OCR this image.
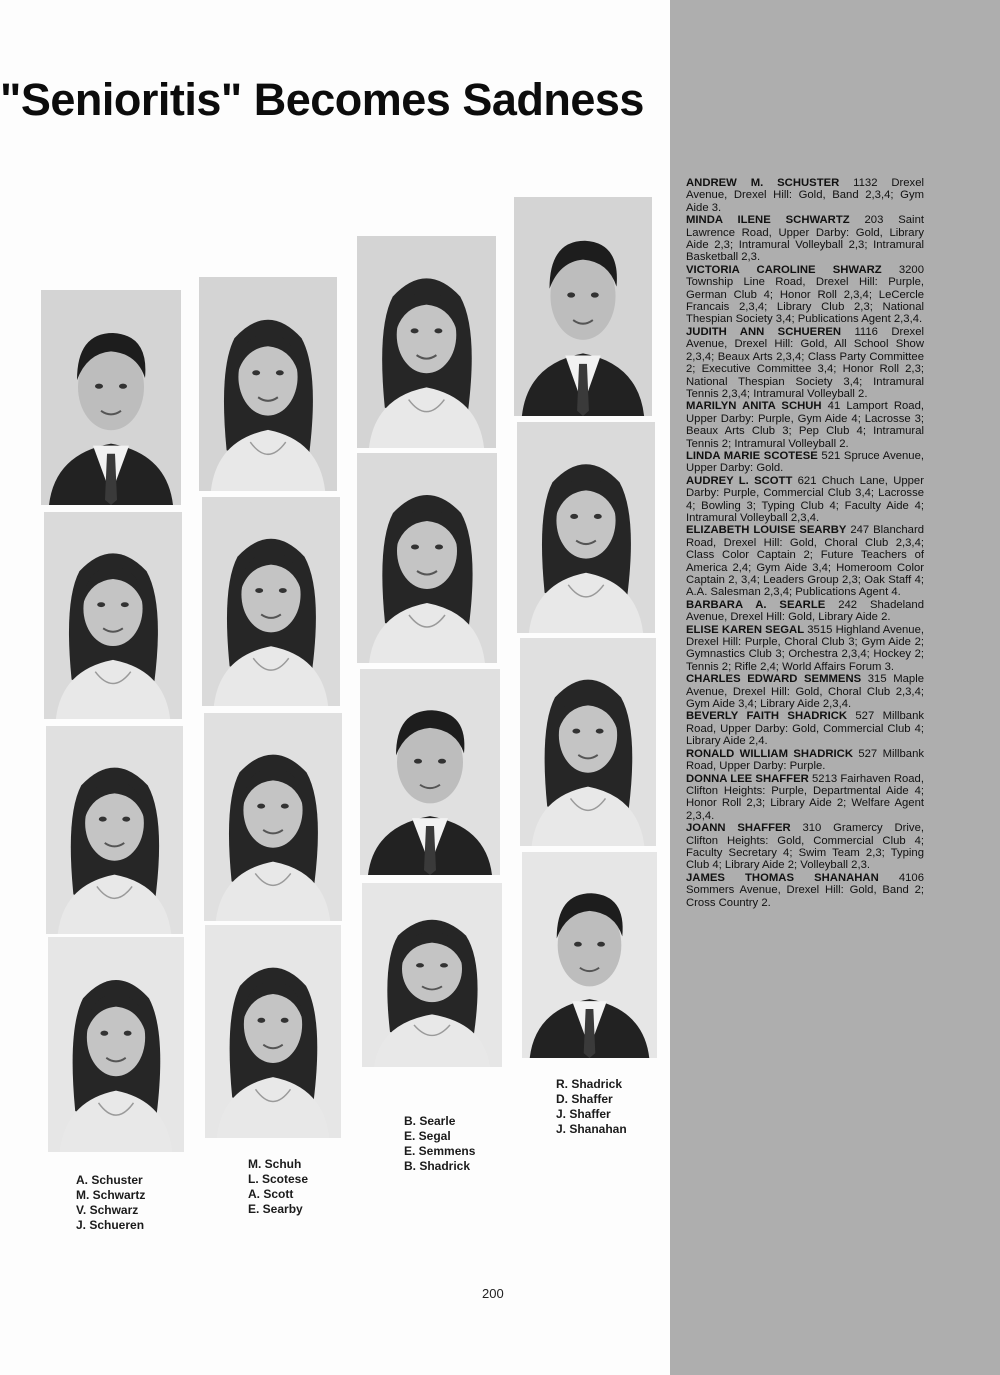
"Senioritis" Becomes Sadness
A. Schuster
M. Schwartz
V. Schwarz
J. Schueren
M. Schuh
L. Scotese
A. Scott
E. Searby
B. Searle
E. Segal
E. Semmens
B. Shadrick
R. Shadrick
D. Shaffer
J. Shaffer
J. Shanahan

ANDREW M. SCHUSTER 1132 Drexel Avenue, Drexel Hill: Gold, Band 2,3,4; Gym Aide 3.

MINDA ILENE SCHWARTZ 203 Saint Lawrence Road, Upper Darby: Gold, Library Aide 2,3; Intramural Volleyball 2,3; Intramural Basketball 2,3.

VICTORIA CAROLINE SHWARZ 3200 Township Line Road, Drexel Hill: Purple, German Club 4; Honor Roll 2,3,4; LeCercle Francais 2,3,4; Library Club 2,3; National Thespian Society 3,4; Publications Agent 2,3,4.

JUDITH ANN SCHUEREN 1116 Drexel Avenue, Drexel Hill: Gold, All School Show 2,3,4; Beaux Arts 2,3,4; Class Party Committee 2; Executive Committee 3,4; Honor Roll 2,3; National Thespian Society 3,4; Intramural Tennis 2,3,4; Intramural Volleyball 2.

MARILYN ANITA SCHUH 41 Lamport Road, Upper Darby: Purple, Gym Aide 4; Lacrosse 3; Beaux Arts Club 3; Pep Club 4; Intramural Tennis 2; Intramural Volleyball 2.

LINDA MARIE SCOTESE 521 Spruce Avenue, Upper Darby: Gold.

AUDREY L. SCOTT 621 Chuch Lane, Upper Darby: Purple, Commercial Club 3,4; Lacrosse 4; Bowling 3; Typing Club 4; Faculty Aide 4; Intramural Volleyball 2,3,4.

ELIZABETH LOUISE SEARBY 247 Blanchard Road, Drexel Hill: Gold, Choral Club 2,3,4; Class Color Captain 2; Future Teachers of America 2,4; Gym Aide 3,4; Homeroom Color Captain 2, 3,4; Leaders Group 2,3; Oak Staff 4; A.A. Salesman 2,3,4; Publications Agent 4.

BARBARA A. SEARLE 242 Shadeland Avenue, Drexel Hill: Gold, Library Aide 2.

ELISE KAREN SEGAL 3515 Highland Avenue, Drexel Hill: Purple, Choral Club 3; Gym Aide 2; Gymnastics Club 3; Orchestra 2,3,4; Hockey 2; Tennis 2; Rifle 2,4; World Affairs Forum 3.

CHARLES EDWARD SEMMENS 315 Maple Avenue, Drexel Hill: Gold, Choral Club 2,3,4; Gym Aide 3,4; Library Aide 2,3,4.

BEVERLY FAITH SHADRICK 527 Millbank Road, Upper Darby: Gold, Commercial Club 4; Library Aide 2,4.

RONALD WILLIAM SHADRICK 527 Millbank Road, Upper Darby: Purple.

DONNA LEE SHAFFER 5213 Fairhaven Road, Clifton Heights: Purple, Departmental Aide 4; Honor Roll 2,3; Library Aide 2; Welfare Agent 2,3,4.

JOANN SHAFFER 310 Gramercy Drive, Clifton Heights: Gold, Commercial Club 4; Faculty Secretary 4; Swim Team 2,3; Typing Club 4; Library Aide 2; Volleyball 2,3.

JAMES THOMAS SHANAHAN 4106 Sommers Avenue, Drexel Hill: Gold, Band 2; Cross Country 2.

200
